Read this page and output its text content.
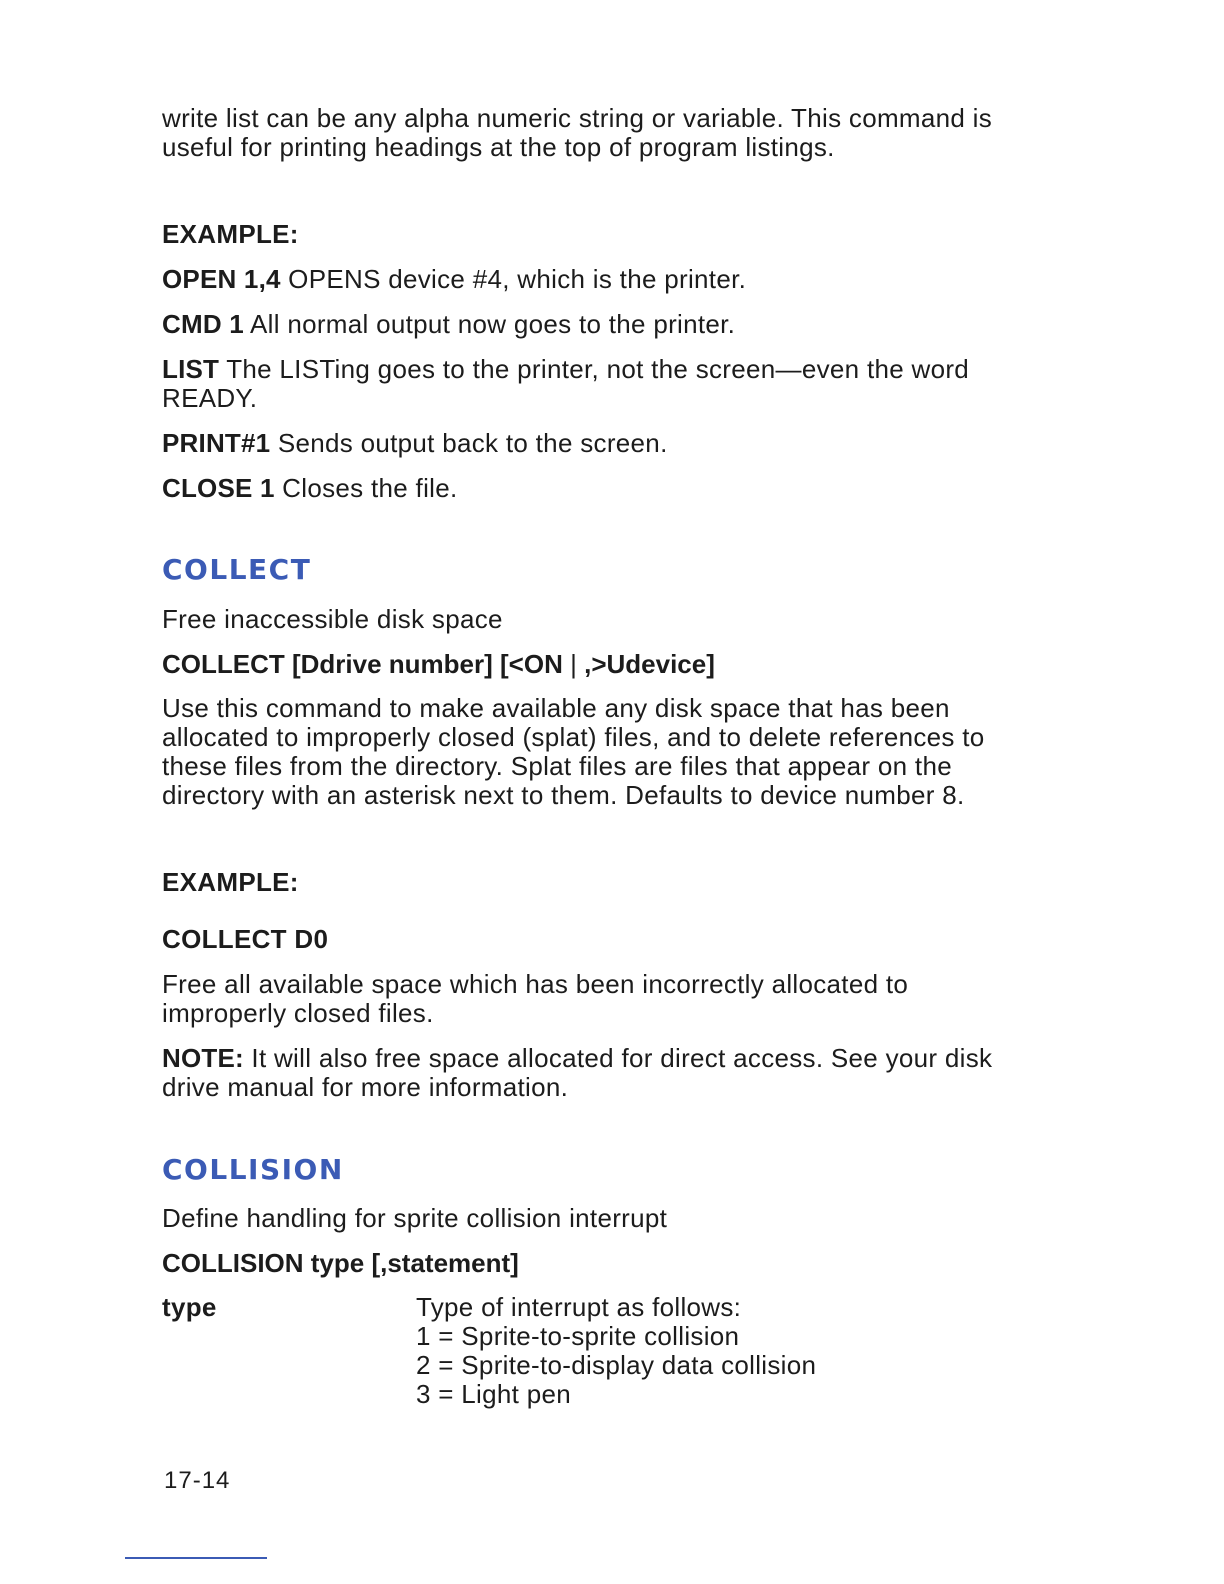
write list can be any alpha numeric string or variable. This command is useful for printing headings at the top of program listings.

EXAMPLE:

OPEN 1,4 OPENS device #4, which is the printer.

CMD 1 All normal output now goes to the printer.

LIST The LISTing goes to the printer, not the screen—even the word READY.

PRINT#1 Sends output back to the screen.

CLOSE 1 Closes the file.

COLLECT

Free inaccessible disk space

COLLECT [Ddrive number] [<ON | ,>Udevice]

Use this command to make available any disk space that has been allocated to improperly closed (splat) files, and to delete references to these files from the directory. Splat files are files that appear on the directory with an asterisk next to them. Defaults to device number 8.

EXAMPLE:
COLLECT D0

Free all available space which has been incorrectly allocated to improperly closed files.

NOTE: It will also free space allocated for direct access. See your disk drive manual for more information.

COLLISION

Define handling for sprite collision interrupt

COLLISION type [,statement]
type	Type of interrupt as follows:
1 = Sprite-to-sprite collision
2 = Sprite-to-display data collision
3 = Light pen
17-14
